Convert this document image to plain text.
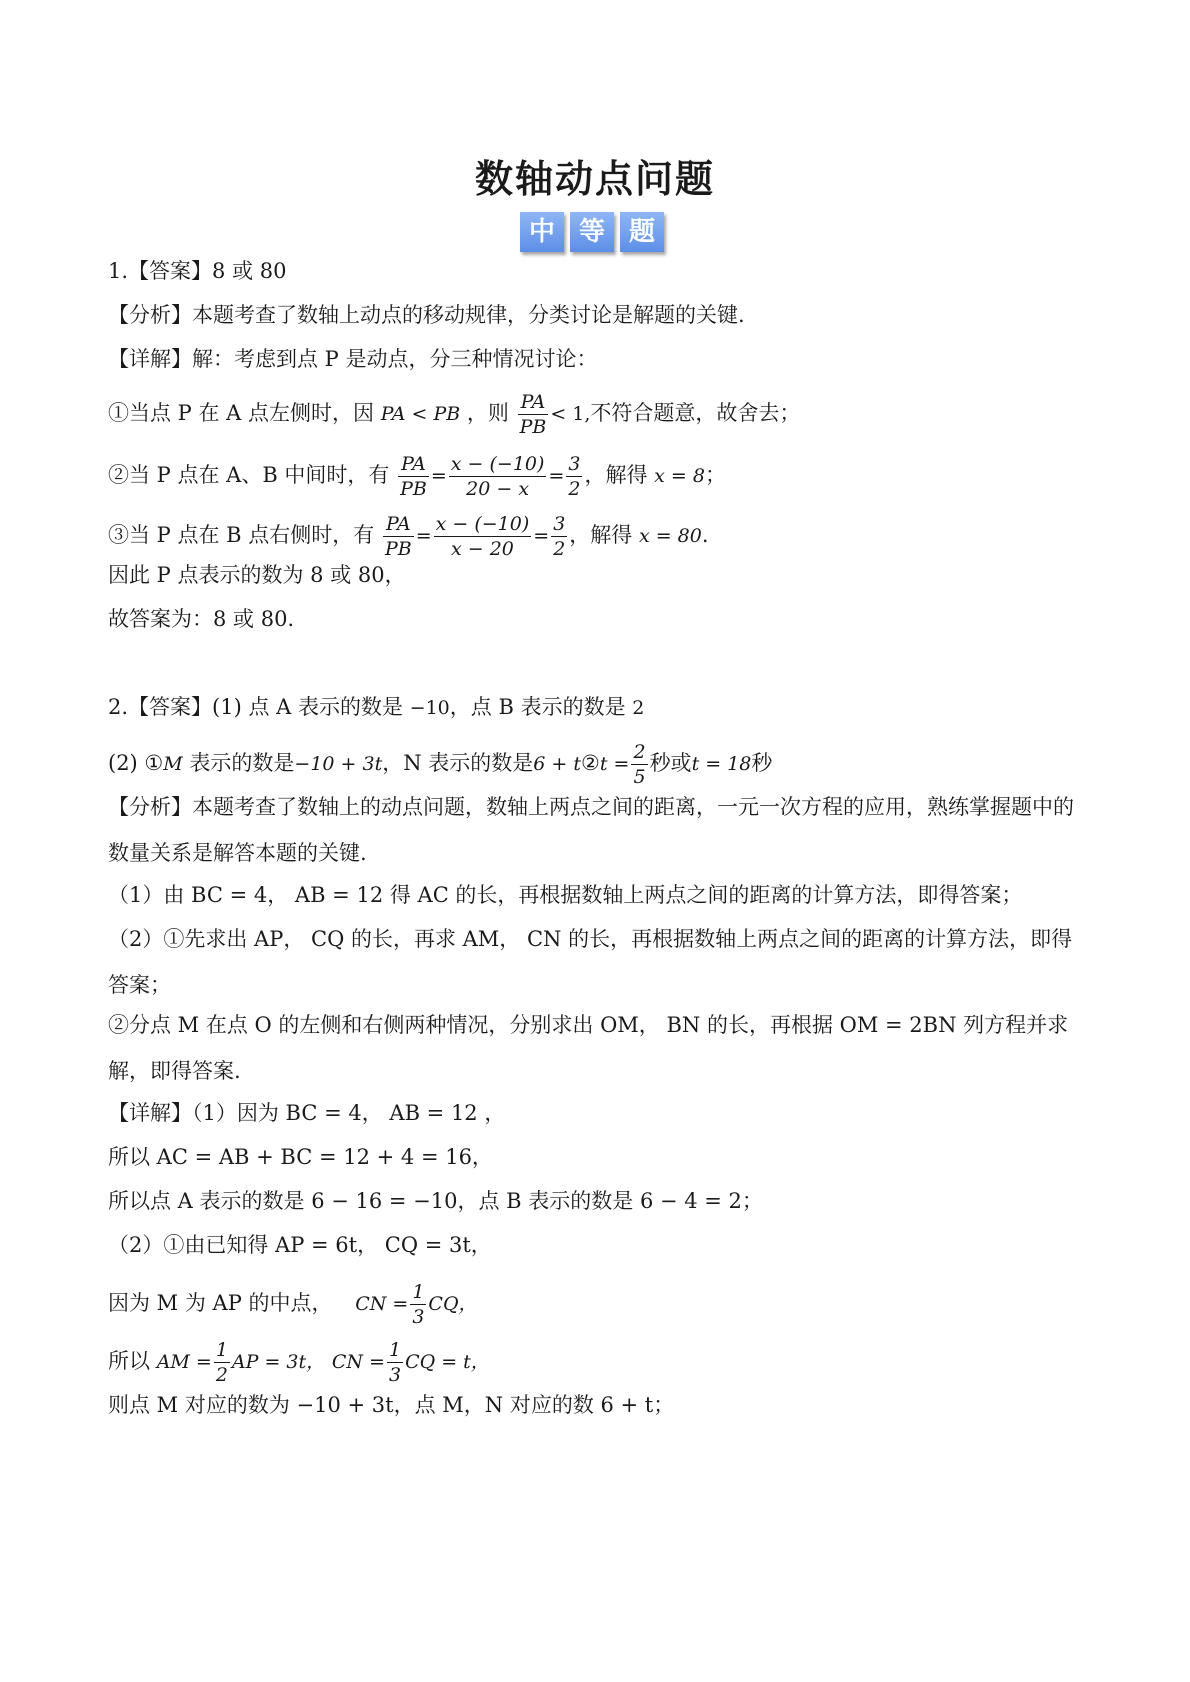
数轴动点问题
中 等 题
1.【答案】8 或 80
【分析】本题考查了数轴上动点的移动规律，分类讨论是解题的关键.
【详解】解：考虑到点 P 是动点，分三种情况讨论：
①当点 P 在 A 点左侧时，因 PA < PB ，则 $\frac{PA}{PB} < 1$,不符合题意，故舍去；
②当 P 点在 A、B 中间时，有 $\frac{PA}{PB} = \frac{x - (-10)}{20 - x} = \frac{3}{2}$ ，解得 x = 8；
③当 P 点在 B 点右侧时，有 $\frac{PA}{PB} = \frac{x - (-10)}{x - 20} = \frac{3}{2}$ ，解得 x = 80.
因此 P 点表示的数为 8 或 80，
故答案为：8 或 80.
2.【答案】(1) 点 A 表示的数是 −10，点 B 表示的数是 2
(2) ①M 表示的数是−10 + 3t，N 表示的数是6 + t②t = $\frac{2}{5}$ 秒或t = 18秒
【分析】本题考查了数轴上的动点问题，数轴上两点之间的距离，一元一次方程的应用，熟练掌握题中的数量关系是解答本题的关键.
（1）由 BC = 4， AB = 12 得 AC 的长，再根据数轴上两点之间的距离的计算方法，即得答案；
（2）①先求出 AP， CQ 的长，再求 AM， CN 的长，再根据数轴上两点之间的距离的计算方法，即得答案；
②分点 M 在点 O 的左侧和右侧两种情况，分别求出 OM， BN 的长，再根据 OM = 2BN 列方程并求解，即得答案.
【详解】（1）因为 BC = 4， AB = 12 ，
所以 AC = AB + BC = 12 + 4 = 16，
所以点 A 表示的数是 6 − 16 = −10，点 B 表示的数是 6 − 4 = 2；
（2）①由已知得 AP = 6t， CQ = 3t，
因为 M 为 AP 的中点， CN = $\frac{1}{3}$ CQ，
所以 AM = $\frac{1}{2}$ AP = 3t， CN = $\frac{1}{3}$ CQ = t，
则点 M 对应的数为 −10 + 3t，点 M，N 对应的数 6 + t；
